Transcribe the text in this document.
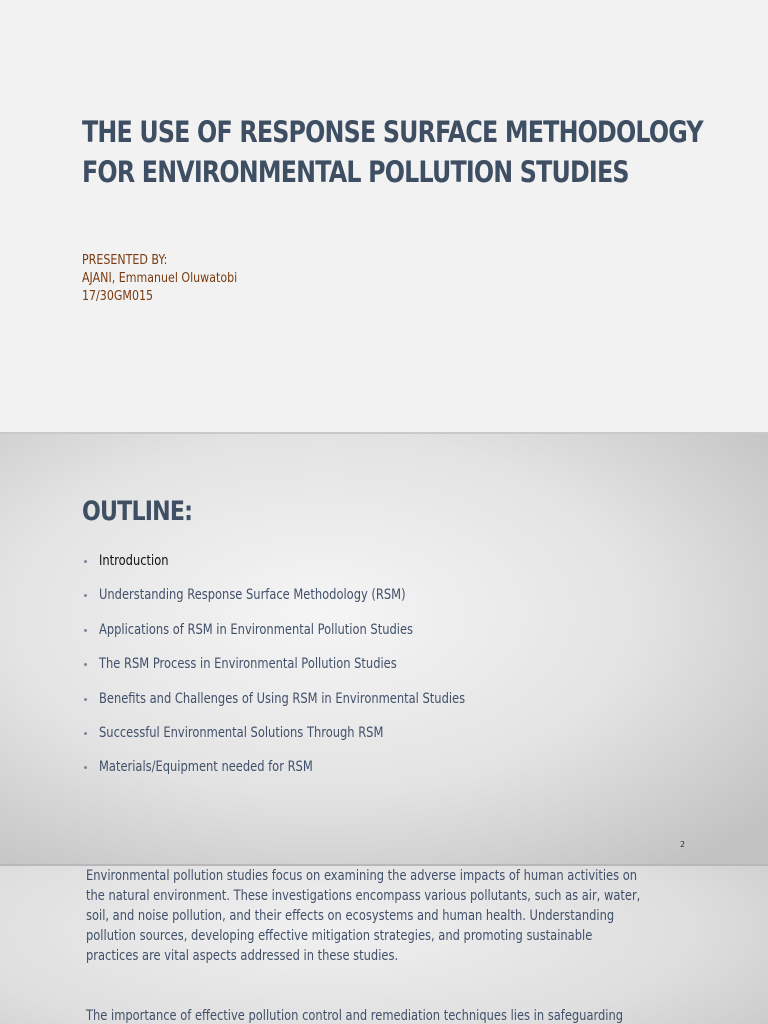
THE USE OF RESPONSE SURFACE METHODOLOGY
FOR ENVIRONMENTAL POLLUTION STUDIES
PRESENTED BY:
AJANI, Emmanuel Oluwatobi
17/30GM015
OUTLINE:
Introduction
Understanding Response Surface Methodology (RSM)
Applications of RSM in Environmental Pollution Studies
The RSM Process in Environmental Pollution Studies
Benefits and Challenges of Using RSM in Environmental Studies
Successful Environmental Solutions Through RSM
Materials/Equipment needed for RSM
2
Environmental pollution studies focus on examining the adverse impacts of human activities on
the natural environment. These investigations encompass various pollutants, such as air, water,
soil, and noise pollution, and their effects on ecosystems and human health. Understanding
pollution sources, developing effective mitigation strategies, and promoting sustainable
practices are vital aspects addressed in these studies.
The importance of effective pollution control and remediation techniques lies in safeguarding
